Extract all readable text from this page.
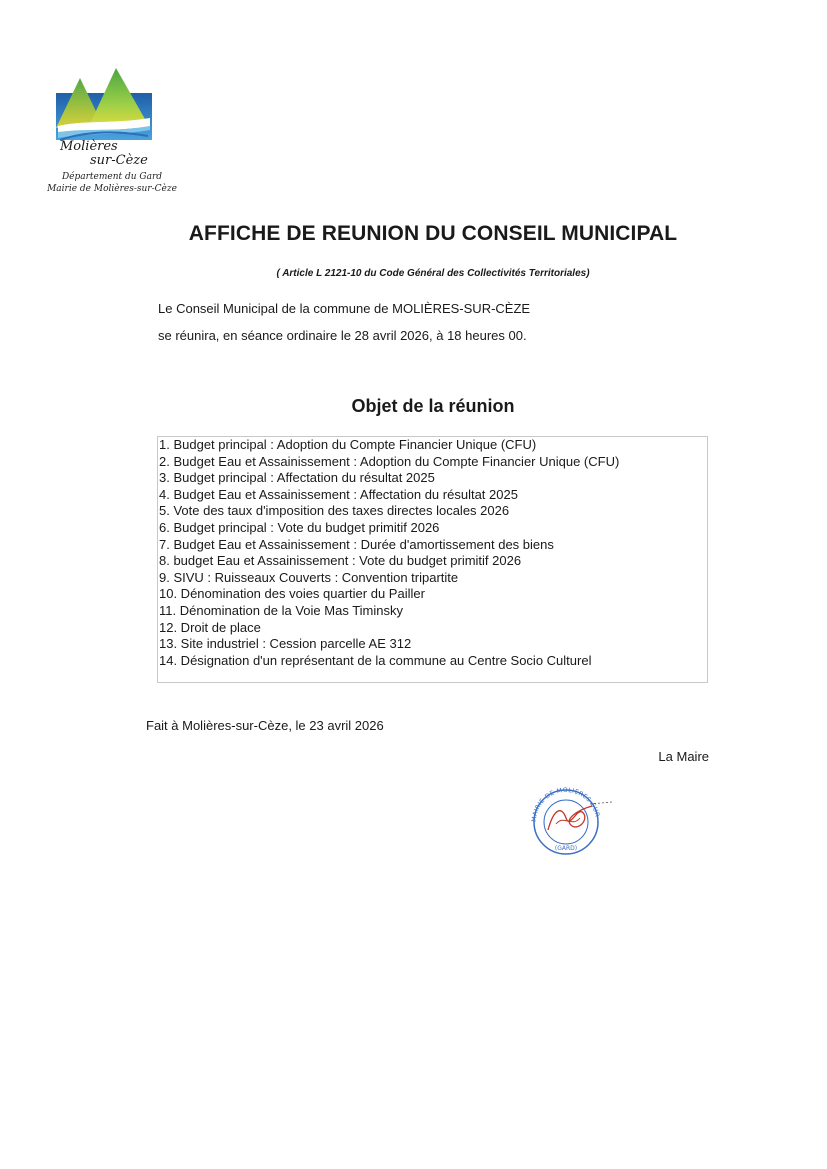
Molières
sur-Cèze
Département du Gard
Mairie de Molières-sur-Cèze
AFFICHE DE REUNION DU CONSEIL MUNICIPAL
( Article L 2121-10 du Code Général des Collectivités Territoriales)
Le Conseil Municipal de la commune de MOLIÈRES-SUR-CÈZE
se réunira, en séance ordinaire le 28 avril 2026, à 18 heures 00.
Objet de la réunion
1. Budget principal : Adoption du Compte Financier Unique (CFU)
2. Budget Eau et Assainissement : Adoption du Compte Financier Unique (CFU)
3. Budget principal : Affectation du résultat 2025
4. Budget Eau et Assainissement : Affectation du résultat 2025
5. Vote des taux d'imposition des taxes directes locales 2026
6. Budget principal : Vote du budget primitif 2026
7. Budget Eau et Assainissement : Durée d'amortissement des biens
8. budget Eau et Assainissement : Vote du budget primitif 2026
9. SIVU : Ruisseaux Couverts : Convention tripartite
10. Dénomination des voies quartier du Pailler
11. Dénomination de la Voie Mas Timinsky
12. Droit de place
13. Site industriel : Cession parcelle AE 312
14. Désignation d'un représentant de la commune au Centre Socio Culturel
Fait à Molières-sur-Cèze, le 23 avril 2026
La Maire
MAIRIE DE MOLIERES-SUR-
(GARD)
